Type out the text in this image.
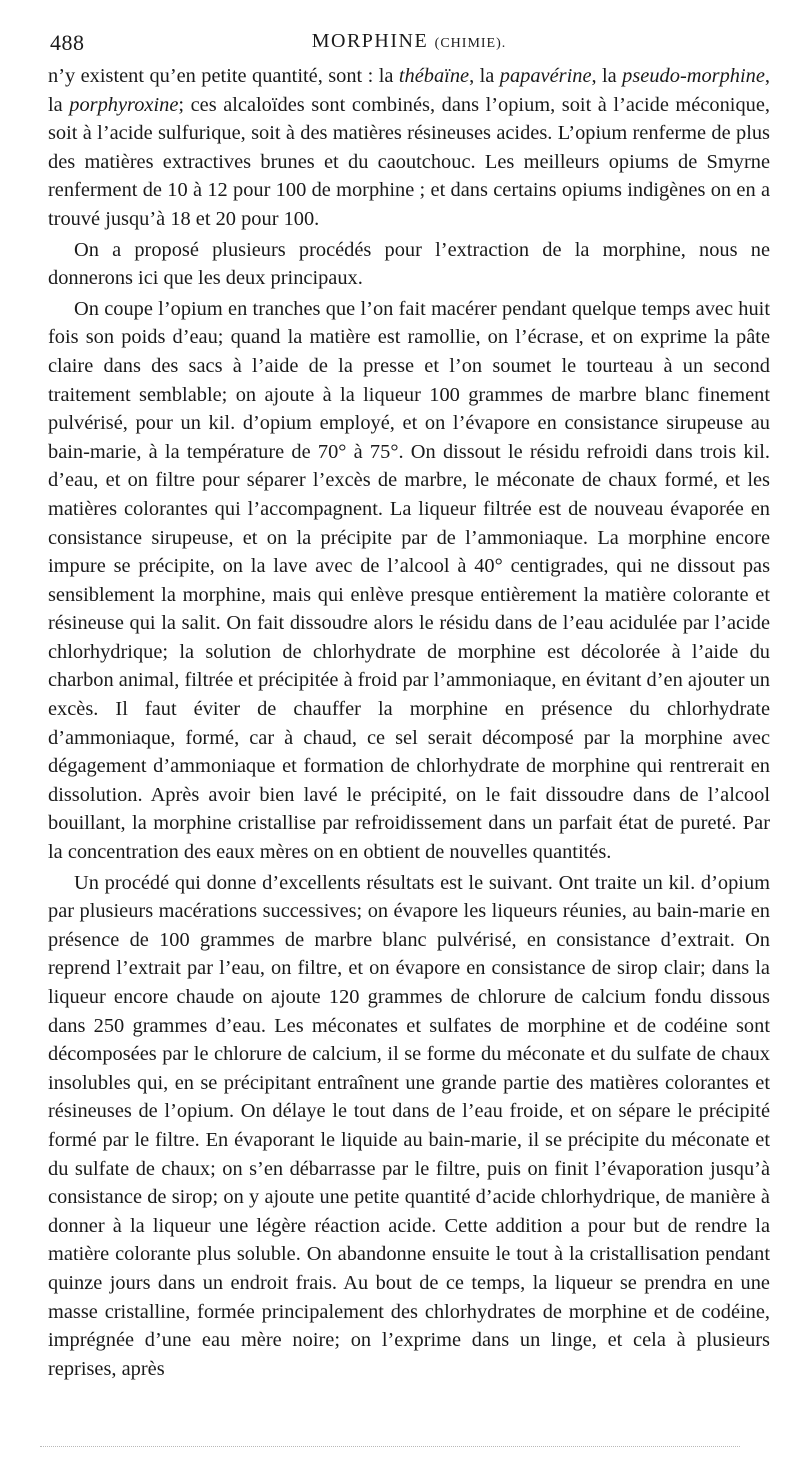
488	MORPHINE (CHIMIE).

n’y existent qu’en petite quantité, sont : la thébaïne, la papavérine, la pseudo-morphine, la porphyroxine; ces alcaloïdes sont combinés, dans l’opium, soit à l’acide méconique, soit à l’acide sulfurique, soit à des matières résineuses acides. L’opium renferme de plus des matières extractives brunes et du caoutchouc. Les meilleurs opiums de Smyrne renferment de 10 à 12 pour 100 de morphine ; et dans certains opiums indigènes on en a trouvé jusqu’à 18 et 20 pour 100.

On a proposé plusieurs procédés pour l’extraction de la morphine, nous ne donnerons ici que les deux principaux.

On coupe l’opium en tranches que l’on fait macérer pendant quelque temps avec huit fois son poids d’eau; quand la matière est ramollie, on l’écrase, et on exprime la pâte claire dans des sacs à l’aide de la presse et l’on soumet le tourteau à un second traitement semblable; on ajoute à la liqueur 100 grammes de marbre blanc finement pulvérisé, pour un kil. d’opium employé, et on l’évapore en consistance sirupeuse au bain-marie, à la température de 70° à 75°. On dissout le résidu refroidi dans trois kil. d’eau, et on filtre pour séparer l’excès de marbre, le méconate de chaux formé, et les matières colorantes qui l’accompagnent. La liqueur filtrée est de nouveau évaporée en consistance sirupeuse, et on la précipite par de l’ammoniaque. La morphine encore impure se précipite, on la lave avec de l’alcool à 40° centigrades, qui ne dissout pas sensiblement la morphine, mais qui enlève presque entièrement la matière colorante et résineuse qui la salit. On fait dissoudre alors le résidu dans de l’eau acidulée par l’acide chlorhydrique; la solution de chlorhydrate de morphine est décolorée à l’aide du charbon animal, filtrée et précipitée à froid par l’ammoniaque, en évitant d’en ajouter un excès. Il faut éviter de chauffer la morphine en présence du chlorhydrate d’ammoniaque, formé, car à chaud, ce sel serait décomposé par la morphine avec dégagement d’ammoniaque et formation de chlorhydrate de morphine qui rentrerait en dissolution. Après avoir bien lavé le précipité, on le fait dissoudre dans de l’alcool bouillant, la morphine cristallise par refroidissement dans un parfait état de pureté. Par la concentration des eaux mères on en obtient de nouvelles quantités.

Un procédé qui donne d’excellents résultats est le suivant. Ont traite un kil. d’opium par plusieurs macérations successives; on évapore les liqueurs réunies, au bain-marie en présence de 100 grammes de marbre blanc pulvérisé, en consistance d’extrait. On reprend l’extrait par l’eau, on filtre, et on évapore en consistance de sirop clair; dans la liqueur encore chaude on ajoute 120 grammes de chlorure de calcium fondu dissous dans 250 grammes d’eau. Les méconates et sulfates de morphine et de codéine sont décomposées par le chlorure de calcium, il se forme du méconate et du sulfate de chaux insolubles qui, en se précipitant entraînent une grande partie des matières colorantes et résineuses de l’opium. On délaye le tout dans de l’eau froide, et on sépare le précipité formé par le filtre. En évaporant le liquide au bain-marie, il se précipite du méconate et du sulfate de chaux; on s’en débarrasse par le filtre, puis on finit l’évaporation jusqu’à consistance de sirop; on y ajoute une petite quantité d’acide chlorhydrique, de manière à donner à la liqueur une légère réaction acide. Cette addition a pour but de rendre la matière colorante plus soluble. On abandonne ensuite le tout à la cristallisation pendant quinze jours dans un endroit frais. Au bout de ce temps, la liqueur se prendra en une masse cristalline, formée principalement des chlorhydrates de morphine et de codéine, imprégnée d’une eau mère noire; on l’exprime dans un linge, et cela à plusieurs reprises, après
